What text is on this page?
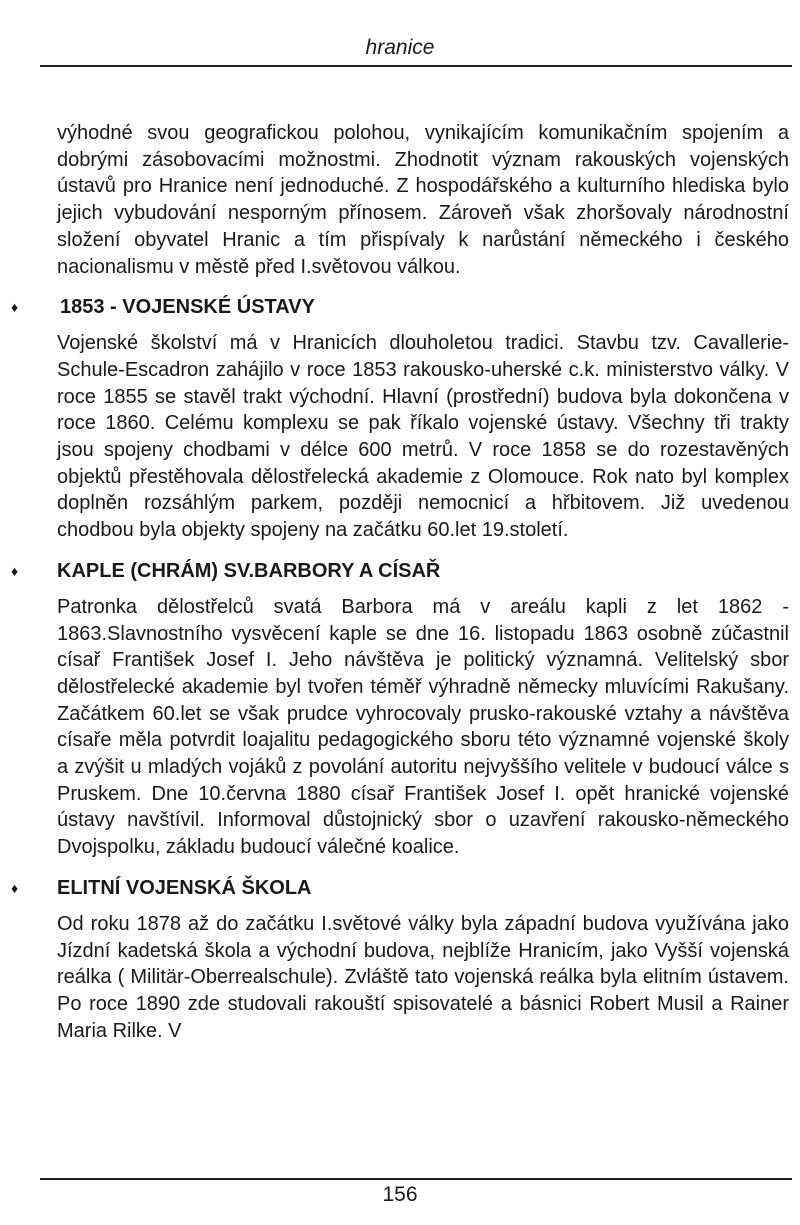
hranice

výhodné svou geografickou polohou, vynikajícím komunikačním spojením a dobrými zásobovacími možnostmi. Zhodnotit význam rakouských vojenských ústavů pro Hranice není jednoduché. Z hospodářského a kulturního hlediska bylo jejich vybudování nesporným přínosem. Zároveň však zhoršovaly národnostní složení obyvatel Hranic a tím přispívaly k narůstání německého i českého nacionalismu v městě před I.světovou válkou.

♦ 1853 - VOJENSKÉ ÚSTAVY

Vojenské školství má v Hranicích dlouholetou tradici. Stavbu tzv. Cavallerie-Schule-Escadron zahájilo v roce 1853 rakousko-uherské c.k. ministerstvo války. V roce 1855 se stavěl trakt východní. Hlavní (prostřední) budova byla dokončena v roce 1860. Celému komplexu se pak říkalo vojenské ústavy. Všechny tři trakty jsou spojeny chodbami v délce 600 metrů. V roce 1858 se do rozestavěných objektů přestěhovala dělostřelecká akademie z Olomouce. Rok nato byl komplex doplněn rozsáhlým parkem, později nemocnicí a hřbitovem. Již uvedenou chodbou byla objekty spojeny na začátku 60.let 19.století.

♦ KAPLE (CHRÁM) SV.BARBORY A CÍSAŘ

Patronka dělostřelců svatá Barbora má v areálu kapli z let 1862 - 1863.Slavnostního vysvěcení kaple se dne 16. listopadu 1863 osobně zúčastnil císař František Josef I. Jeho návštěva je politický významná. Velitelský sbor dělostřelecké akademie byl tvořen téměř výhradně německy mluvícími Rakušany. Začátkem 60.let se však prudce vyhrocovaly prusko-rakouské vztahy a návštěva císaře měla potvrdit loajalitu pedagogického sboru této významné vojenské školy a zvýšit u mladých vojáků z povolání autoritu nejvyššího velitele v budoucí válce s Pruskem. Dne 10.června 1880 císař František Josef I. opět hranické vojenské ústavy navštívil. Informoval důstojnický sbor o uzavření rakousko-německého Dvojspolku, základu budoucí válečné koalice.

♦ ELITNÍ VOJENSKÁ ŠKOLA

Od roku 1878 až do začátku I.světové války byla západní budova využívána jako Jízdní kadetská škola a východní budova, nejblíže Hranicím, jako Vyšší vojenská reálka ( Militär-Oberrealschule). Zvláště tato vojenská reálka byla elitním ústavem. Po roce 1890 zde studovali rakouští spisovatelé a básnici Robert Musil a Rainer Maria Rilke. V

156
